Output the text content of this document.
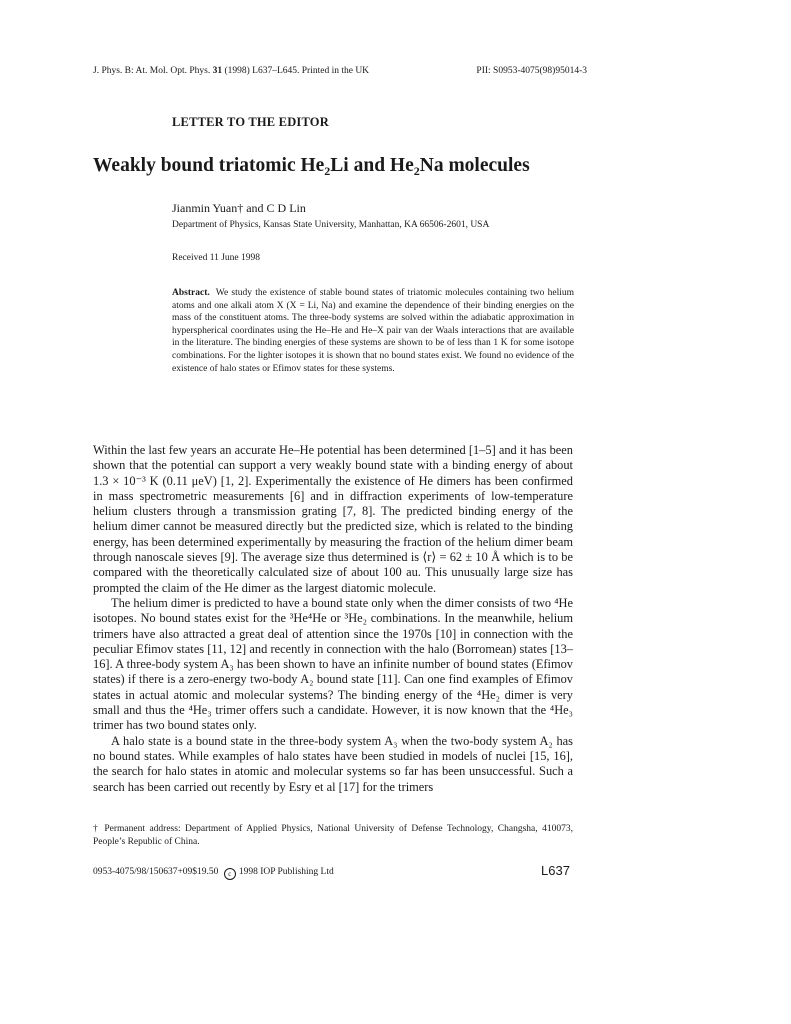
J. Phys. B: At. Mol. Opt. Phys. 31 (1998) L637–L645. Printed in the UK	PII: S0953-4075(98)95014-3
LETTER TO THE EDITOR
Weakly bound triatomic $He_2Li$ and $He_2Na$ molecules
Jianmin Yuan† and C D Lin
Department of Physics, Kansas State University, Manhattan, KA 66506-2601, USA
Received 11 June 1998
Abstract. We study the existence of stable bound states of triatomic molecules containing two helium atoms and one alkali atom X (X = Li, Na) and examine the dependence of their binding energies on the mass of the constituent atoms. The three-body systems are solved within the adiabatic approximation in hyperspherical coordinates using the He–He and He–X pair van der Waals interactions that are available in the literature. The binding energies of these systems are shown to be of less than 1 K for some isotope combinations. For the lighter isotopes it is shown that no bound states exist. We found no evidence of the existence of halo states or Efimov states for these systems.

Within the last few years an accurate He–He potential has been determined [1–5] and it has been shown that the potential can support a very weakly bound state with a binding energy of about 1.3 × 10⁻³ K (0.11 μeV) [1, 2]. Experimentally the existence of He dimers has been confirmed in mass spectrometric measurements [6] and in diffraction experiments of low-temperature helium clusters through a transmission grating [7, 8]. The predicted binding energy of the helium dimer cannot be measured directly but the predicted size, which is related to the binding energy, has been determined experimentally by measuring the fraction of the helium dimer beam through nanoscale sieves [9]. The average size thus determined is ⟨r⟩ = 62 ± 10 Å which is to be compared with the theoretically calculated size of about 100 au. This unusually large size has prompted the claim of the He dimer as the largest diatomic molecule.

The helium dimer is predicted to have a bound state only when the dimer consists of two ⁴He isotopes. No bound states exist for the ³He⁴He or ³He₂ combinations. In the meanwhile, helium trimers have also attracted a great deal of attention since the 1970s [10] in connection with the peculiar Efimov states [11, 12] and recently in connection with the halo (Borromean) states [13–16]. A three-body system A₃ has been shown to have an infinite number of bound states (Efimov states) if there is a zero-energy two-body A₂ bound state [11]. Can one find examples of Efimov states in actual atomic and molecular systems? The binding energy of the ⁴He₂ dimer is very small and thus the ⁴He₃ trimer offers such a candidate. However, it is now known that the ⁴He₃ trimer has two bound states only.

A halo state is a bound state in the three-body system A₃ when the two-body system A₂ has no bound states. While examples of halo states have been studied in models of nuclei [15, 16], the search for halo states in atomic and molecular systems so far has been unsuccessful. Such a search has been carried out recently by Esry et al [17] for the trimers

† Permanent address: Department of Applied Physics, National University of Defense Technology, Changsha, 410073, People’s Republic of China.
0953-4075/98/150637+09$19.50 c 1998 IOP Publishing Ltd	L637
